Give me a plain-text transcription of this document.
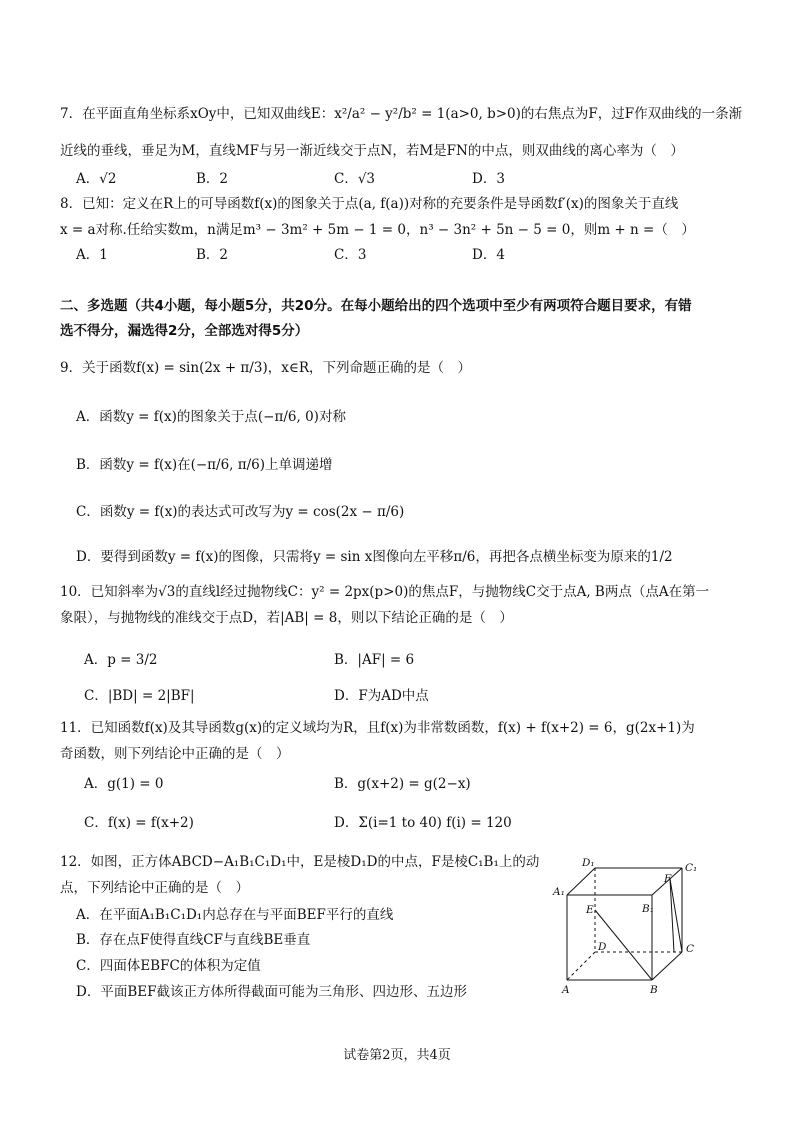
7．在平面直角坐标系xOy中，已知双曲线E：x²/a² − y²/b² = 1(a>0, b>0)的右焦点为F，过F作双曲线的一条渐
近线的垂线，垂足为M，直线MF与另一渐近线交于点N，若M是FN的中点，则双曲线的离心率为（　）
A．√2	B．2	C．√3	D．3
8．已知：定义在R上的可导函数f(x)的图象关于点(a, f(a))对称的充要条件是导函数f′(x)的图象关于直线
x = a对称.任给实数m，n满足m³ − 3m² + 5m − 1 = 0，n³ − 3n² + 5n − 5 = 0，则m + n =（　）
A．1	B．2	C．3	D．4
二、多选题（共4小题，每小题5分，共20分。在每小题给出的四个选项中至少有两项符合题目要求，有错
选不得分，漏选得2分，全部选对得5分）
9．关于函数f(x) = sin(2x + π/3)，x∈R，下列命题正确的是（　）
A．函数y = f(x)的图象关于点(−π/6, 0)对称
B．函数y = f(x)在(−π/6, π/6)上单调递增
C．函数y = f(x)的表达式可改写为y = cos(2x − π/6)
D．要得到函数y = f(x)的图像，只需将y = sin x图像向左平移π/6，再把各点横坐标变为原来的1/2
10．已知斜率为√3的直线l经过抛物线C：y² = 2px(p>0)的焦点F，与抛物线C交于点A, B两点（点A在第一
象限），与抛物线的准线交于点D，若|AB| = 8，则以下结论正确的是（　）
A．p = 3/2	B．|AF| = 6
C．|BD| = 2|BF|	D．F为AD中点
11．已知函数f(x)及其导函数g(x)的定义域均为R，且f(x)为非常数函数，f(x) + f(x+2) = 6，g(2x+1)为
奇函数，则下列结论中正确的是（　）
A．g(1) = 0	B．g(x+2) = g(2−x)
C．f(x) = f(x+2)	D．Σ(i=1 to 40) f(i) = 120
12．如图，正方体ABCD−A₁B₁C₁D₁中，E是棱D₁D的中点，F是棱C₁B₁上的动
点，下列结论中正确的是（　）
A．在平面A₁B₁C₁D₁内总存在与平面BEF平行的直线
B．存在点F使得直线CF与直线BE垂直
C．四面体EBFC的体积为定值
D．平面BEF截该正方体所得截面可能为三角形、四边形、五边形
D₁	C₁
A₁
F
E	B₁
D	C
A	B
试卷第2页，共4页
